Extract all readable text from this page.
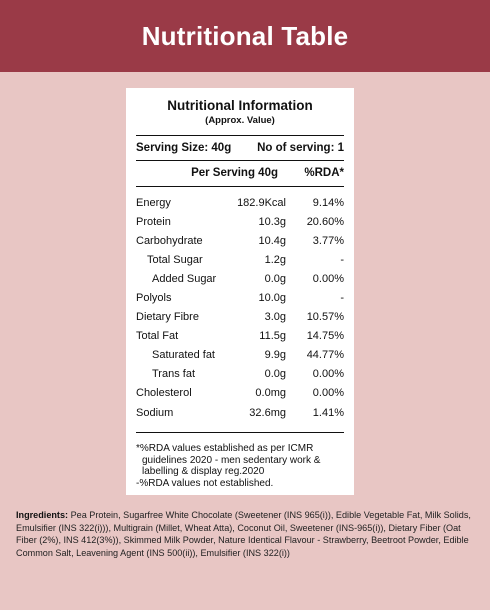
Nutritional Table
Nutritional Information
(Approx. Value)
Serving Size: 40g No of serving: 1
Per Serving 40g	%RDA*
Energy	182.9Kcal	9.14%
Protein	10.3g	20.60%
Carbohydrate	10.4g	3.77%
Total Sugar	1.2g	-
Added Sugar	0.0g	0.00%
Polyols	10.0g	-
Dietary Fibre	3.0g	10.57%
Total Fat	11.5g	14.75%
Saturated fat	9.9g	44.77%
Trans fat	0.0g	0.00%
Cholesterol	0.0mg	0.00%
Sodium	32.6mg	1.41%
*%RDA values established as per ICMR guidelines 2020 - men sedentary work & labelling & display reg.2020
-%RDA values not established.
Ingredients: Pea Protein, Sugarfree White Chocolate (Sweetener (INS 965(i)), Edible Vegetable Fat, Milk Solids, Emulsifier (INS 322(i))), Multigrain (Millet, Wheat Atta), Coconut Oil, Sweetener (INS-965(i)), Dietary Fiber (Oat Fiber (2%), INS 412(3%)), Skimmed Milk Powder, Nature Identical Flavour - Strawberry, Beetroot Powder, Edible Common Salt, Leavening Agent (INS 500(ii)), Emulsifier (INS 322(i))
